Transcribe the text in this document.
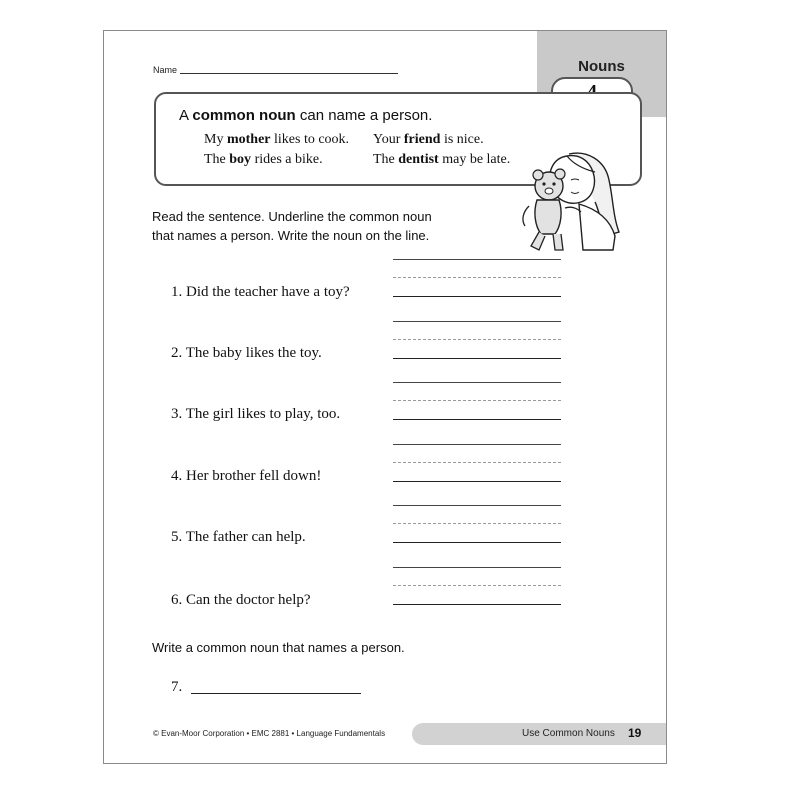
Name	Nouns
A common noun can name a person.
My mother likes to cook. Your friend is nice.
The boy rides a bike.	The dentist may be late.
Read the sentence. Underline the common noun
that names a person. Write the noun on the line.
1. Did the teacher have a toy?
2. The baby likes the toy.
3. The girl likes to play, too.
4. Her brother fell down!
5. The father can help.
6. Can the doctor help?
Write a common noun that names a person.
7.
© Evan-Moor Corporation • EMC 2881 • Language Fundamentals	Use Common Nouns 19
